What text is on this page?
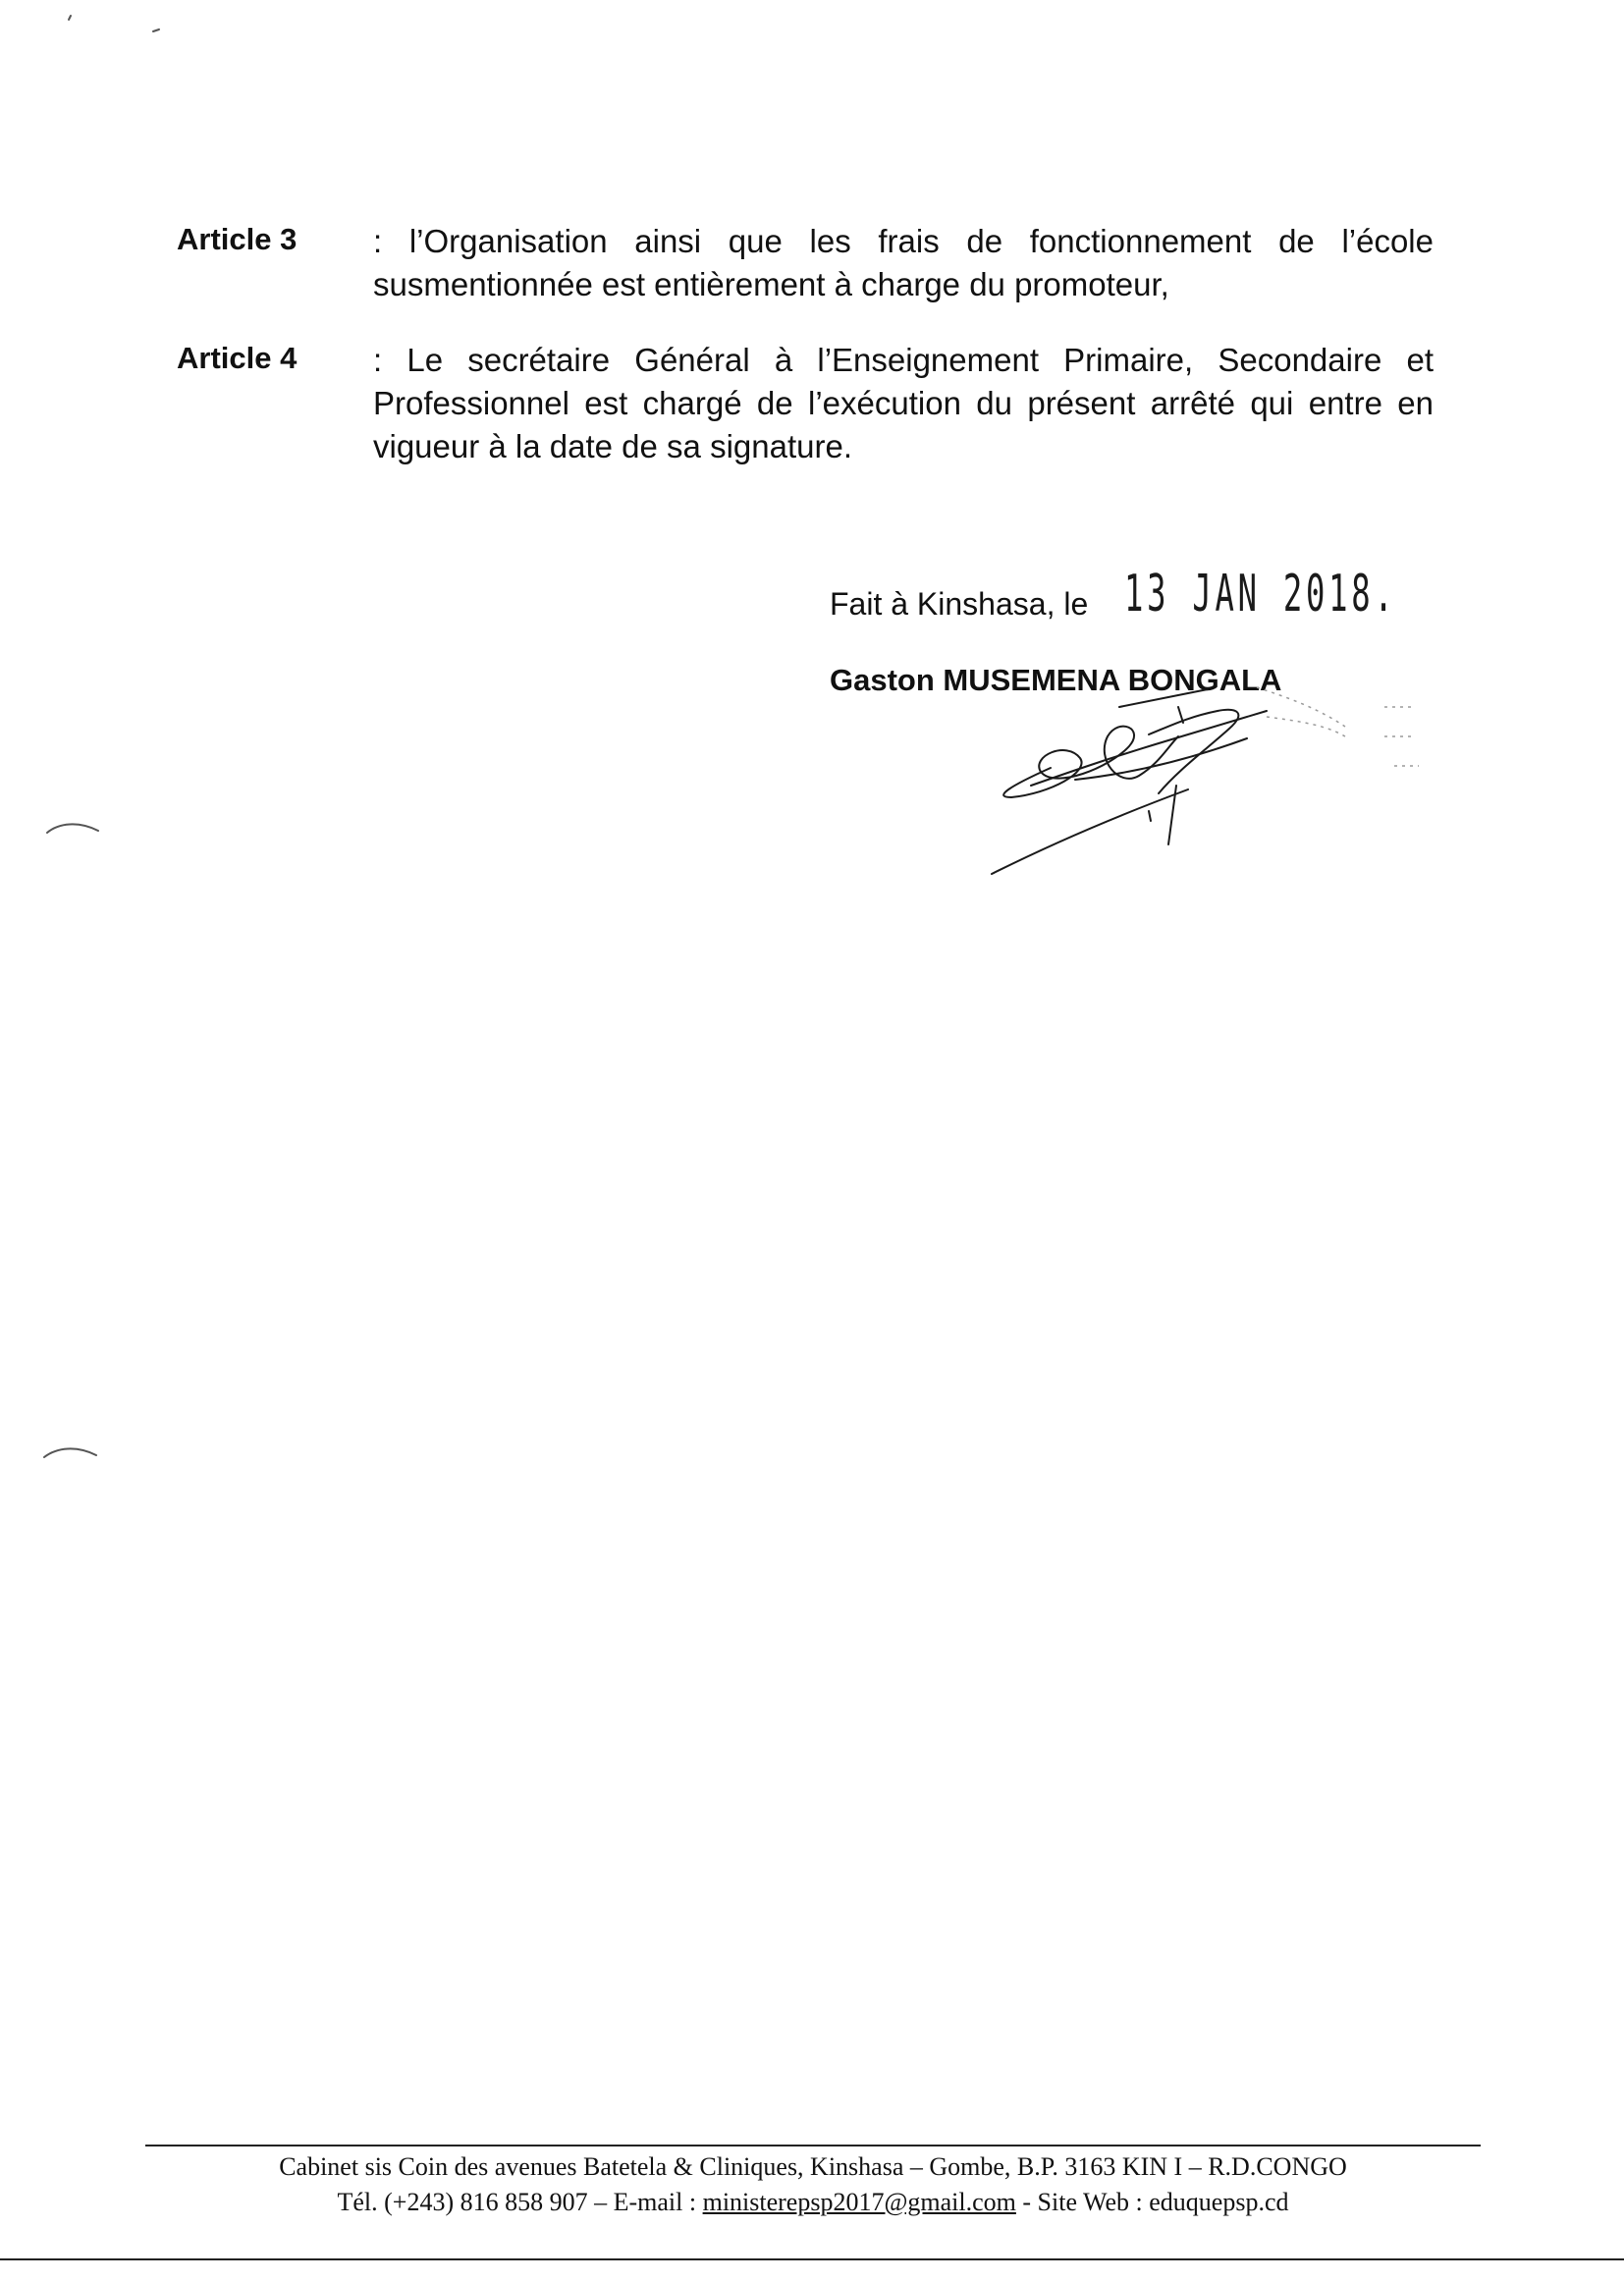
Article 3 : l’Organisation ainsi que les frais de fonctionnement de l’école
susmentionnée est entièrement à charge du promoteur,
Article 4 : Le secrétaire Général à l’Enseignement Primaire, Secondaire et
Professionnel est chargé de l’exécution du présent arrêté qui entre en
vigueur à la date de sa signature.
Fait à Kinshasa, le 13 JAN 2018.
Gaston MUSEMENA BONGALA
Cabinet sis Coin des avenues Batetela & Cliniques, Kinshasa – Gombe, B.P. 3163 KIN I – R.D.CONGO
Tél. (+243) 816 858 907 – E-mail : ministerepsp2017@gmail.com - Site Web : eduquepsp.cd
